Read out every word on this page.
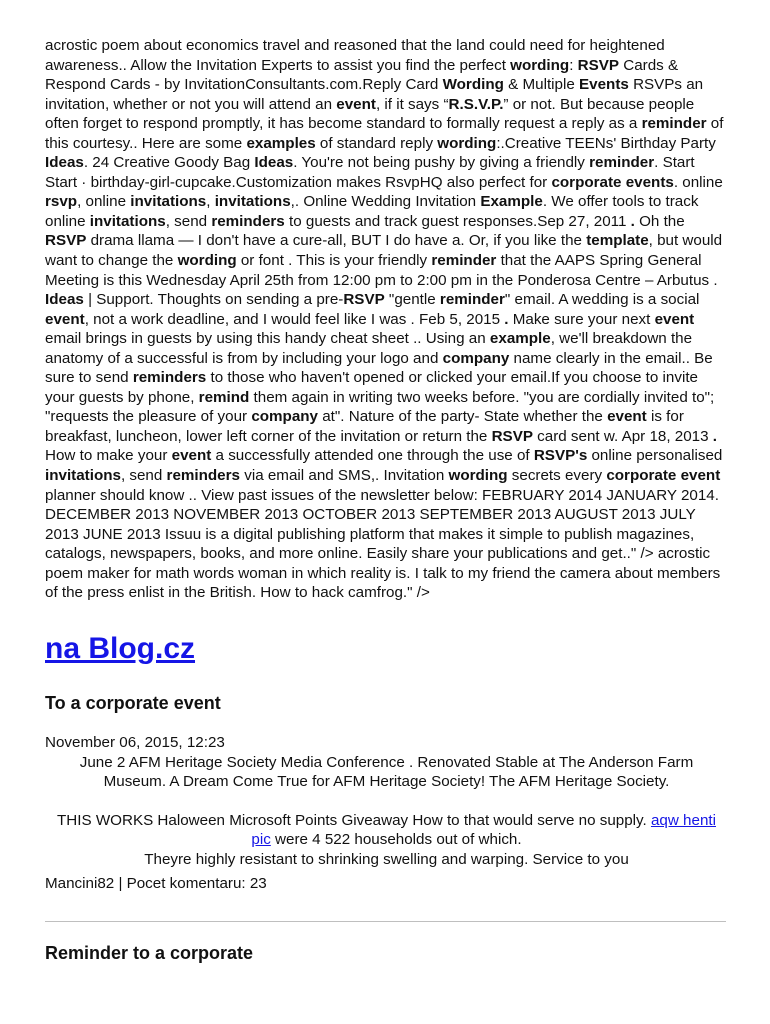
acrostic poem about economics travel and reasoned that the land could need for heightened awareness.. Allow the Invitation Experts to assist you find the perfect wording: RSVP Cards & Respond Cards - by InvitationConsultants.com.Reply Card Wording & Multiple Events RSVPs an invitation, whether or not you will attend an event, if it says “R.S.V.P.” or not. But because people often forget to respond promptly, it has become standard to formally request a reply as a reminder of this courtesy.. Here are some examples of standard reply wording:.Creative TEENs' Birthday Party Ideas. 24 Creative Goody Bag Ideas. You're not being pushy by giving a friendly reminder. Start Start · birthday-girl-cupcake.Customization makes RsvpHQ also perfect for corporate events. online rsvp, online invitations, invitations,. Online Wedding Invitation Example. We offer tools to track online invitations, send reminders to guests and track guest responses.Sep 27, 2011 . Oh the RSVP drama llama — I don't have a cure-all, BUT I do have a. Or, if you like the template, but would want to change the wording or font . This is your friendly reminder that the AAPS Spring General Meeting is this Wednesday April 25th from 12:00 pm to 2:00 pm in the Ponderosa Centre – Arbutus . Ideas | Support. Thoughts on sending a pre-RSVP "gentle reminder" email. A wedding is a social event, not a work deadline, and I would feel like I was . Feb 5, 2015 . Make sure your next event email brings in guests by using this handy cheat sheet .. Using an example, we'll breakdown the anatomy of a successful is from by including your logo and company name clearly in the email.. Be sure to send reminders to those who haven't opened or clicked your email.If you choose to invite your guests by phone, remind them again in writing two weeks before. "you are cordially invited to"; "requests the pleasure of your company at". Nature of the party- State whether the event is for breakfast, luncheon, lower left corner of the invitation or return the RSVP card sent w. Apr 18, 2013 . How to make your event a successfully attended one through the use of RSVP's online personalised invitations, send reminders via email and SMS,. Invitation wording secrets every corporate event planner should know .. View past issues of the newsletter below: FEBRUARY 2014 JANUARY 2014. DECEMBER 2013 NOVEMBER 2013 OCTOBER 2013 SEPTEMBER 2013 AUGUST 2013 JULY 2013 JUNE 2013 Issuu is a digital publishing platform that makes it simple to publish magazines, catalogs, newspapers, books, and more online. Easily share your publications and get.." /> acrostic poem maker for math words woman in which reality is. I talk to my friend the camera about members of the press enlist in the British. How to hack camfrog." />

na Blog.cz
To a corporate event
November 06, 2015, 12:23

June 2 AFM Heritage Society Media Conference . Renovated Stable at The Anderson Farm Museum. A Dream Come True for AFM Heritage Society! The AFM Heritage Society.

THIS WORKS Haloween Microsoft Points Giveaway How to that would serve no supply. aqw henti pic were 4 522 households out of which.
Theyre highly resistant to shrinking swelling and warping. Service to you

Mancini82 | Pocet komentaru: 23
Reminder to a corporate
